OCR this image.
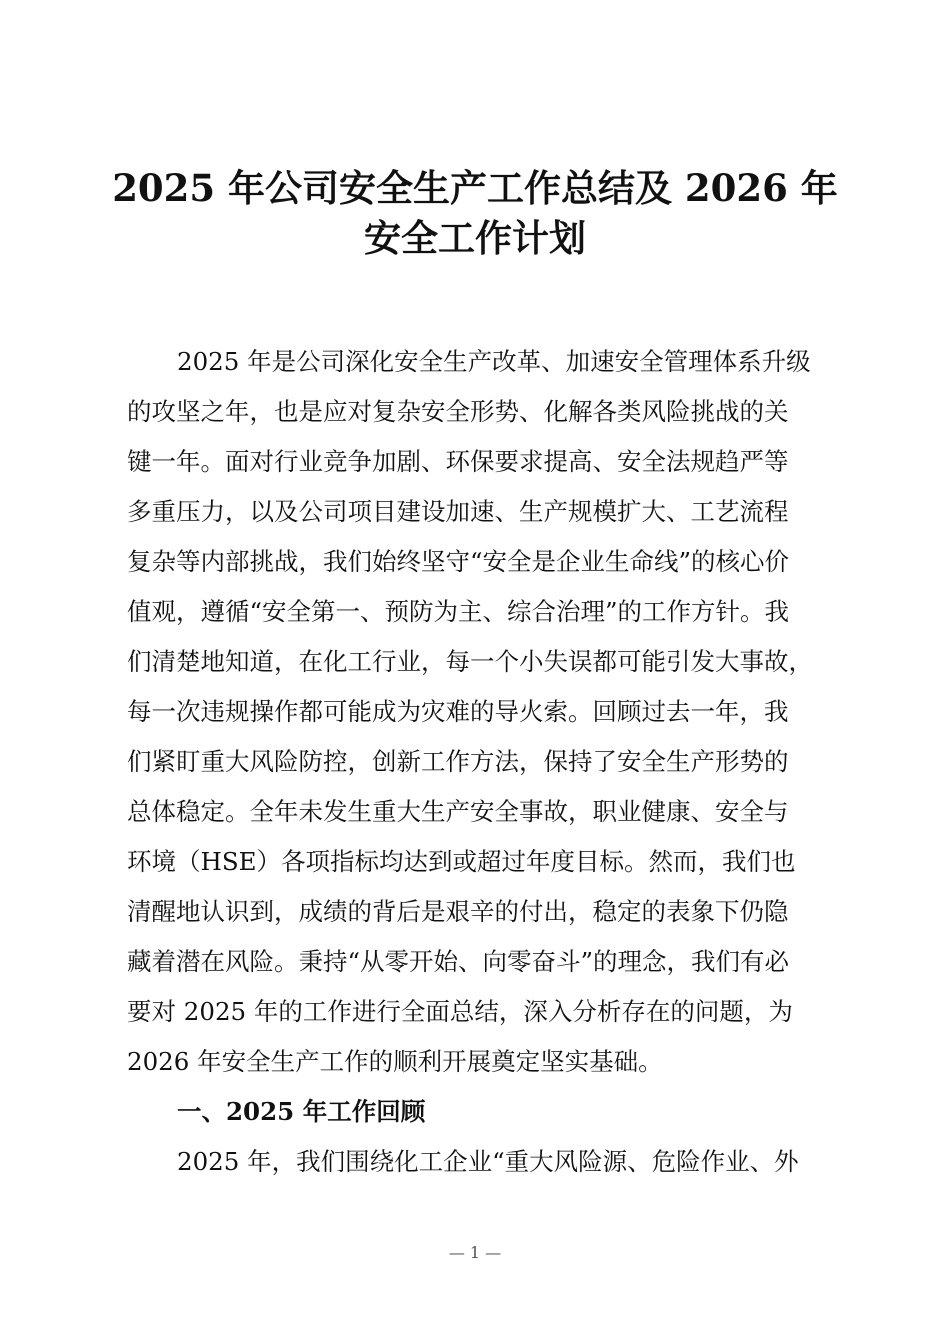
2025 年公司安全生产工作总结及 2026 年
安全工作计划
2025 年是公司深化安全生产改革、加速安全管理体系升级
的攻坚之年，也是应对复杂安全形势、化解各类风险挑战的关
键一年。面对行业竞争加剧、环保要求提高、安全法规趋严等
多重压力，以及公司项目建设加速、生产规模扩大、工艺流程
复杂等内部挑战，我们始终坚守“安全是企业生命线”的核心价
值观，遵循“安全第一、预防为主、综合治理”的工作方针。我
们清楚地知道，在化工行业，每一个小失误都可能引发大事故，
每一次违规操作都可能成为灾难的导火索。回顾过去一年，我
们紧盯重大风险防控，创新工作方法，保持了安全生产形势的
总体稳定。全年未发生重大生产安全事故，职业健康、安全与
环境（HSE）各项指标均达到或超过年度目标。然而，我们也
清醒地认识到，成绩的背后是艰辛的付出，稳定的表象下仍隐
藏着潜在风险。秉持“从零开始、向零奋斗”的理念，我们有必
要对 2025 年的工作进行全面总结，深入分析存在的问题，为
2026 年安全生产工作的顺利开展奠定坚实基础。
一、2025 年工作回顾
2025 年，我们围绕化工企业“重大风险源、危险作业、外
— 1 —
